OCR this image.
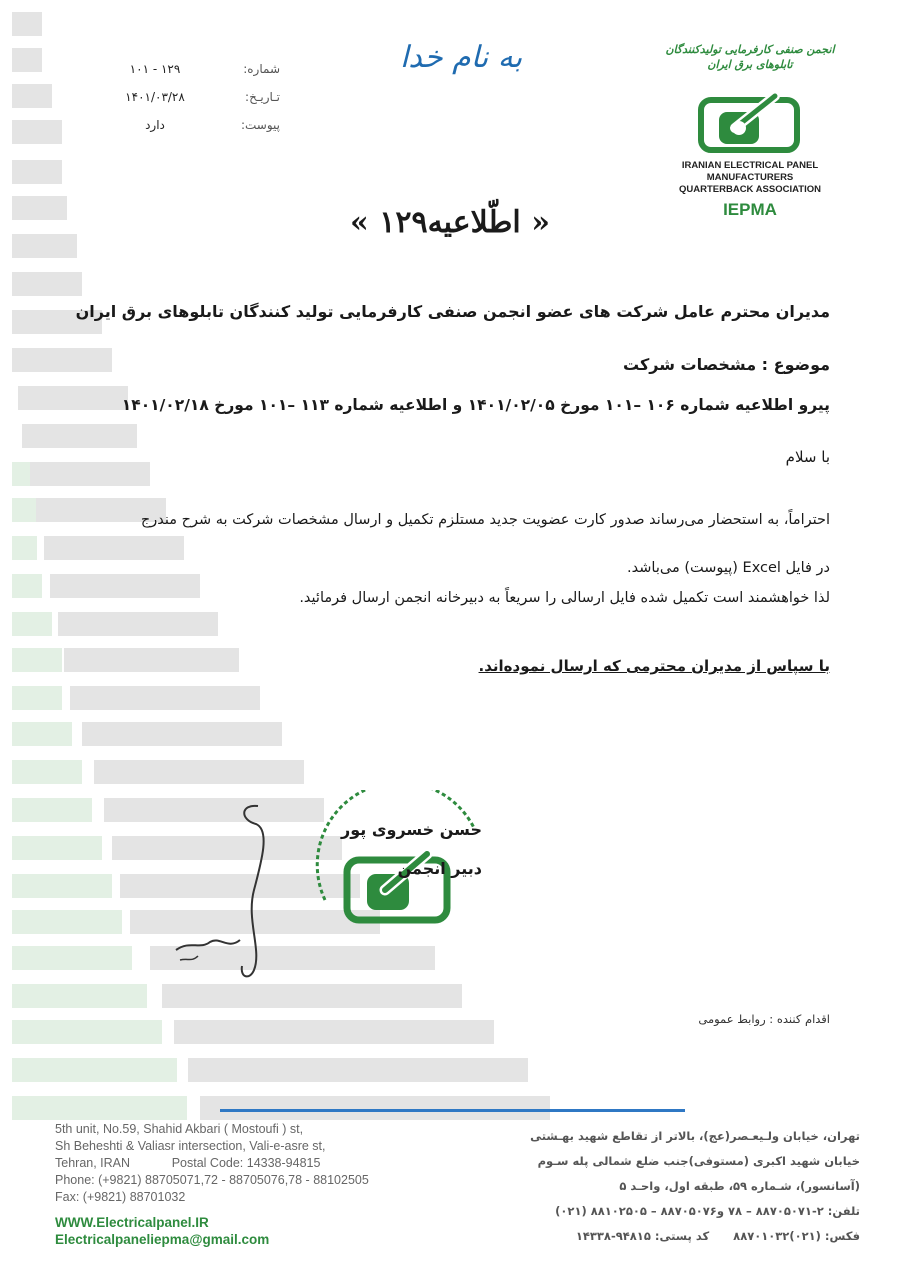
به نام خدا
شماره:
۱۲۹ - ۱۰۱
تـاریـخ:
۱۴۰۱/۰۳/۲۸
پیوست:
دارد
انجمن صنفی کارفرمایی تولیدکنندگان تابلوهای برق ایران
IRANIAN ELECTRICAL PANEL
MANUFACTURERS
QUARTERBACK ASSOCIATION
IEPMA
« اطّلاعیه۱۲۹ »
مدیران محترم عامل شرکت های عضو انجمن صنفی کارفرمایی تولید کنندگان تابلوهای برق ایران
موضوع : مشخصات شرکت
پیرو اطلاعیه شماره ۱۰۶ –۱۰۱ مورخ ۱۴۰۱/۰۲/۰۵ و اطلاعیه شماره ۱۱۳ –۱۰۱ مورخ ۱۴۰۱/۰۲/۱۸
با سلام
احتراماً، به استحضار می‌رساند صدور کارت عضویت جدید مستلزم تکمیل و ارسال مشخصات شرکت به شرح مندرج در فایل Excel (پیوست) می‌باشد.
لذا خواهشمند است تکمیل شده فایل ارسالی را سریعاً به دبیرخانه انجمن ارسال فرمائید.
با سپاس از مدیران محترمی که ارسال نموده‌اند.
حسن خسروی پور
دبیر انجمن
اقدام کننده : روابط عمومی
5th unit, No.59, Shahid Akbari ( Mostoufi ) st,
Sh Beheshti & Valiasr intersection, Vali-e-asre st,
Tehran, IRAN            Postal Code: 14338-94815
Phone: (+9821) 88705071,72 - 88705076,78 - 88102505
Fax: (+9821) 88701032
WWW.Electricalpanel.IR
Electricalpaneliepma@gmail.com
تهران، خیابان ولـیعـصر(عج)، بالاتر از تقاطع شهید بهـشتی
خیابان شهید اکبری (مستوفی)جنب ضلع شمالی پله سـوم
(آسانسور)، شـماره ۵۹، طبقه اول، واحـد ۵
تلفن: ۲-۸۸۷۰۵۰۷۱ – ۷۸ و۸۸۷۰۵۰۷۶ – ۸۸۱۰۲۵۰۵ (۰۲۱)
فکس: (۰۲۱)۸۸۷۰۱۰۳۲      کد پستی: ۹۴۸۱۵-۱۴۳۳۸
